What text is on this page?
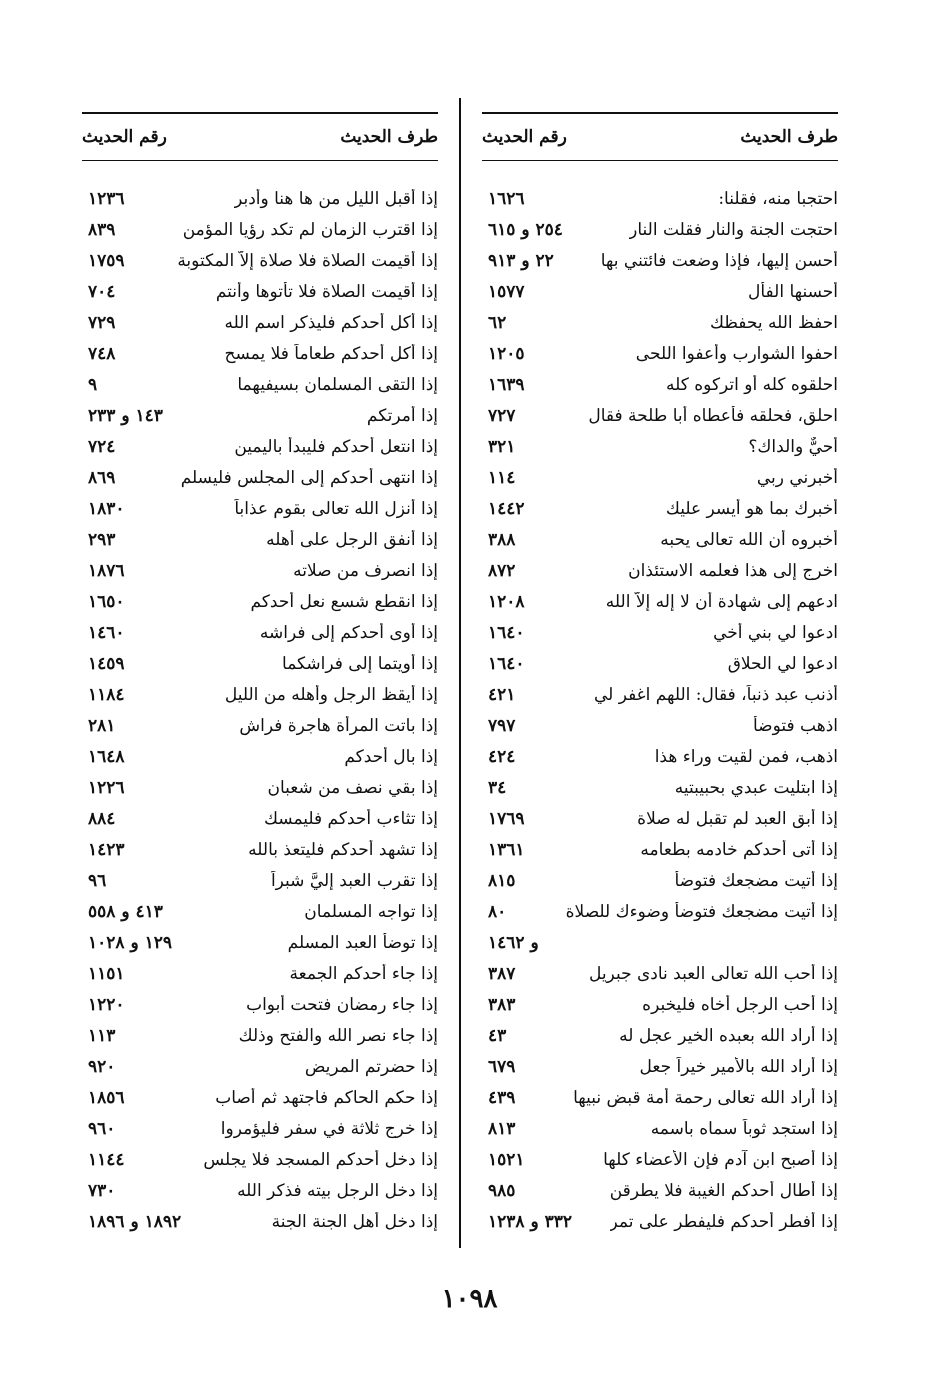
طرف الحديث
رقم الحديث
احتجبا منه، فقلنا:
١٦٢٦
احتجت الجنة والنار فقلت النار
٢٥٤ و ٦١٥
أحسن إليها، فإذا وضعت فائتني بها
٢٢ و ٩١٣
أحسنها الفأل
١٥٧٧
احفظ الله يحفظك
٦٢
احفوا الشوارب وأعفوا اللحى
١٢٠٥
احلقوه كله أو اتركوه كله
١٦٣٩
احلق، فحلقه فأعطاه أبا طلحة فقال
٧٢٧
أحيٌّ والداك؟
٣٢١
أخبرني ربي
١١٤
أخبرك بما هو أيسر عليك
١٤٤٢
أخبروه أن الله تعالى يحبه
٣٨٨
اخرج إلى هذا فعلمه الاستئذان
٨٧٢
ادعهم إلى شهادة أن لا إله إلاّ الله
١٢٠٨
ادعوا لي بني أخي
١٦٤٠
ادعوا لي الحلاق
١٦٤٠
أذنب عبد ذنباً، فقال: اللهم اغفر لي
٤٢١
اذهب فتوضأ
٧٩٧
اذهب، فمن لقيت وراء هذا
٤٢٤
إذا ابتليت عبدي بحبيبتيه
٣٤
إذا أبق العبد لم تقبل له صلاة
١٧٦٩
إذا أتى أحدكم خادمه بطعامه
١٣٦١
إذا أتيت مضجعك فتوضأ
٨١٥
إذا أتيت مضجعك فتوضأ وضوءك للصلاة
٨٠
و ١٤٦٢
إذا أحب الله تعالى العبد نادى جبريل
٣٨٧
إذا أحب الرجل أخاه فليخبره
٣٨٣
إذا أراد الله بعبده الخير عجل له
٤٣
إذا أراد الله بالأمير خيراً جعل
٦٧٩
إذا أراد الله تعالى رحمة أمة قبض نبيها
٤٣٩
إذا استجد ثوباً سماه باسمه
٨١٣
إذا أصبح ابن آدم فإن الأعضاء كلها
١٥٢١
إذا أطال أحدكم الغيبة فلا يطرقن
٩٨٥
إذا أفطر أحدكم فليفطر على تمر
٣٣٢ و ١٢٣٨
طرف الحديث
رقم الحديث
إذا أقبل الليل من ها هنا وأدبر
١٢٣٦
إذا اقترب الزمان لم تكد رؤيا المؤمن
٨٣٩
إذا أقيمت الصلاة فلا صلاة إلاّ المكتوبة
١٧٥٩
إذا أقيمت الصلاة فلا تأتوها وأنتم
٧٠٤
إذا أكل أحدكم فليذكر اسم الله
٧٢٩
إذا أكل أحدكم طعاماً فلا يمسح
٧٤٨
إذا التقى المسلمان بسيفيهما
٩
إذا أمرتكم
١٤٣ و ٢٣٣
إذا انتعل أحدكم فليبدأ باليمين
٧٢٤
إذا انتهى أحدكم إلى المجلس فليسلم
٨٦٩
إذا أنزل الله تعالى بقوم عذاباً
١٨٣٠
إذا أنفق الرجل على أهله
٢٩٣
إذا انصرف من صلاته
١٨٧٦
إذا انقطع شسع نعل أحدكم
١٦٥٠
إذا أوى أحدكم إلى فراشه
١٤٦٠
إذا أويتما إلى فراشكما
١٤٥٩
إذا أيقظ الرجل وأهله من الليل
١١٨٤
إذا باتت المرأة هاجرة فراش
٢٨١
إذا بال أحدكم
١٦٤٨
إذا بقي نصف من شعبان
١٢٢٦
إذا تثاءب أحدكم فليمسك
٨٨٤
إذا تشهد أحدكم فليتعذ بالله
١٤٢٣
إذا تقرب العبد إليَّ شبراً
٩٦
إذا تواجه المسلمان
٤١٣ و ٥٥٨
إذا توضأ العبد المسلم
١٢٩ و ١٠٢٨
إذا جاء أحدكم الجمعة
١١٥١
إذا جاء رمضان فتحت أبواب
١٢٢٠
إذا جاء نصر الله والفتح وذلك
١١٣
إذا حضرتم المريض
٩٢٠
إذا حكم الحاكم فاجتهد ثم أصاب
١٨٥٦
إذا خرج ثلاثة في سفر فليؤمروا
٩٦٠
إذا دخل أحدكم المسجد فلا يجلس
١١٤٤
إذا دخل الرجل بيته فذكر الله
٧٣٠
إذا دخل أهل الجنة الجنة
١٨٩٢ و ١٨٩٦
١٠٩٨
